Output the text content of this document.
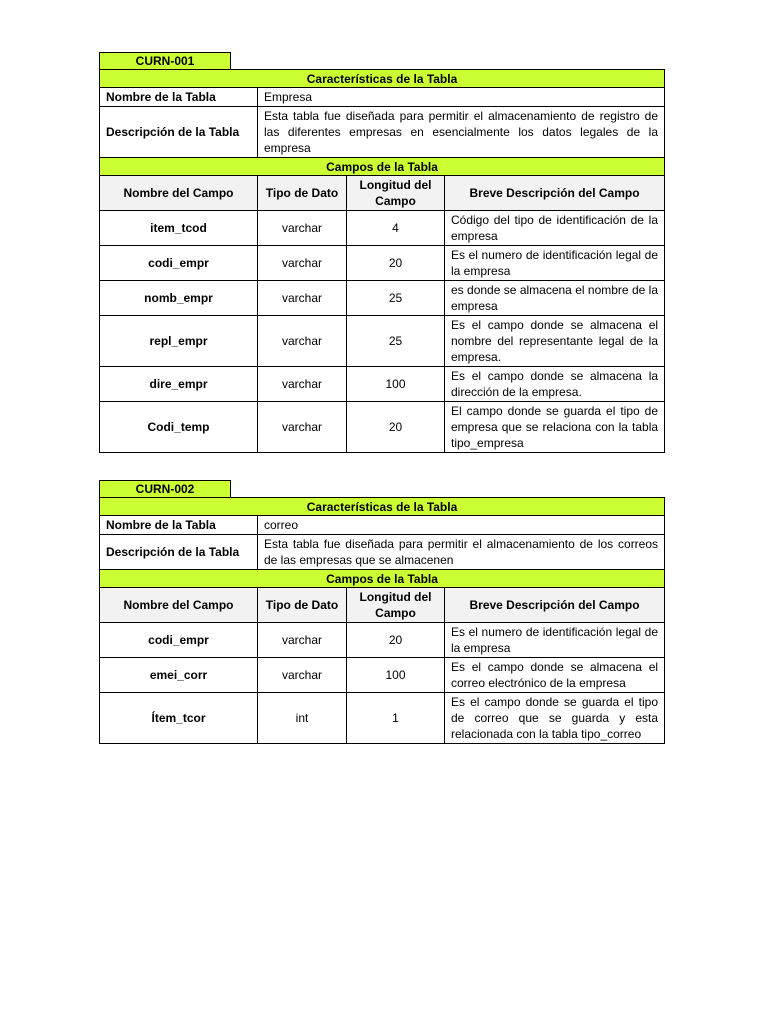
CURN-001
Características de la Tabla			
Nombre de la Tabla	Empresa		
Descripción de la Tabla	Esta tabla fue diseñada para permitir el almacenamiento de registro de las diferentes empresas en esencialmente los datos legales de la empresa		
Campos de la Tabla			
Nombre del Campo	Tipo de Dato	Longitud del Campo	Breve Descripción del Campo
item_tcod	varchar	4	Código del tipo de identificación de la empresa
codi_empr	varchar	20	Es el numero de identificación legal de la empresa
nomb_empr	varchar	25	es donde se almacena el nombre de la empresa
repl_empr	varchar	25	Es el campo donde se almacena el nombre del representante legal de la empresa.
dire_empr	varchar	100	Es el campo donde se almacena la dirección de la empresa.
Codi_temp	varchar	20	El campo donde se guarda el tipo de empresa que se relaciona con la tabla tipo_empresa
CURN-002
Características de la Tabla			
Nombre de la Tabla	correo		
Descripción de la Tabla	Esta tabla fue diseñada para permitir el almacenamiento de los correos de las empresas que se almacenen		
Campos de la Tabla			
Nombre del Campo	Tipo de Dato	Longitud del Campo	Breve Descripción del Campo
codi_empr	varchar	20	Es el numero de identificación legal de la empresa
emei_corr	varchar	100	Es el campo donde se almacena el correo electrónico de la empresa
Ítem_tcor	int	1	Es el campo donde se guarda el tipo de correo que se guarda y esta relacionada con la tabla tipo_correo
